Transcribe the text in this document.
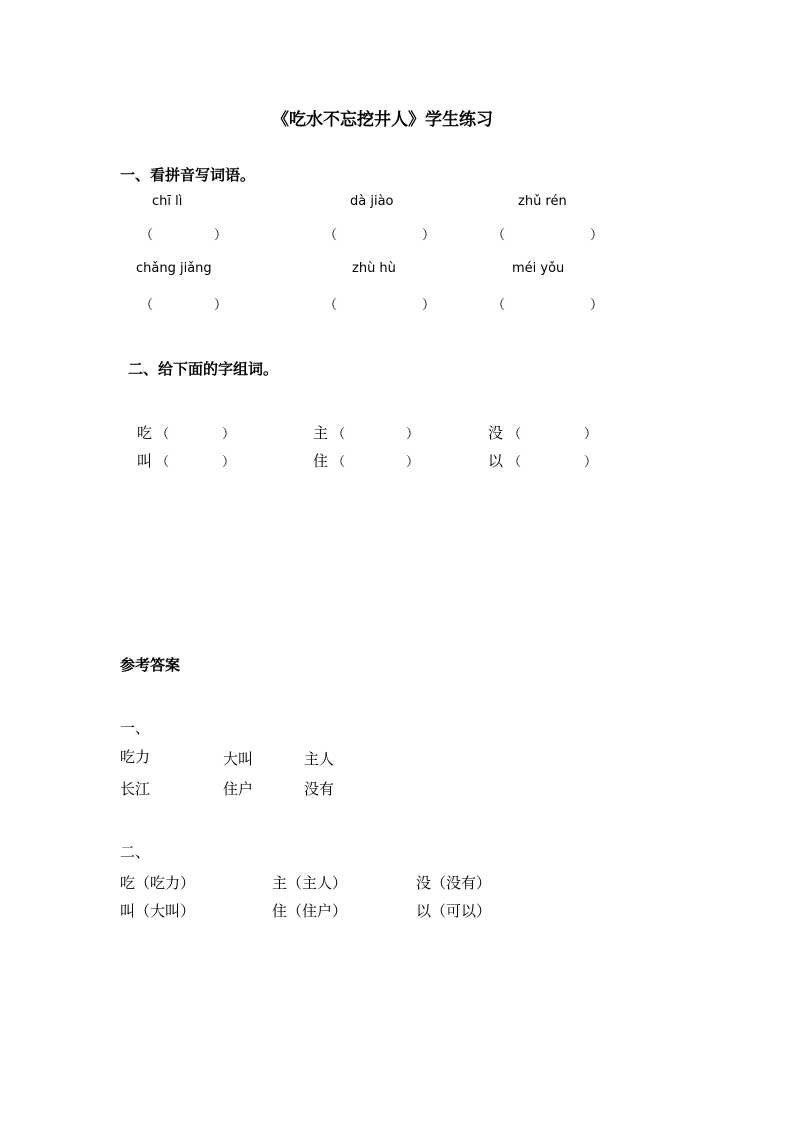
《吃水不忘挖井人》学生练习
一、看拼音写词语。
chī lì	dà jiào	zhǔ rén
（	）	（	）	（	）
chǎng jiǎng	zhù hù	méi yǒu
（	）	（	）	（	）
二、给下面的字组词。
吃 （	）	主 （	）	没 （	）
叫 （	）	住 （	）	以 （	）
参考答案
一、
吃力	大叫	主人
长江	住户	没有
二、
吃（吃力）	主（主人）	没（没有）
叫（大叫）	住（住户）	以（可以）
